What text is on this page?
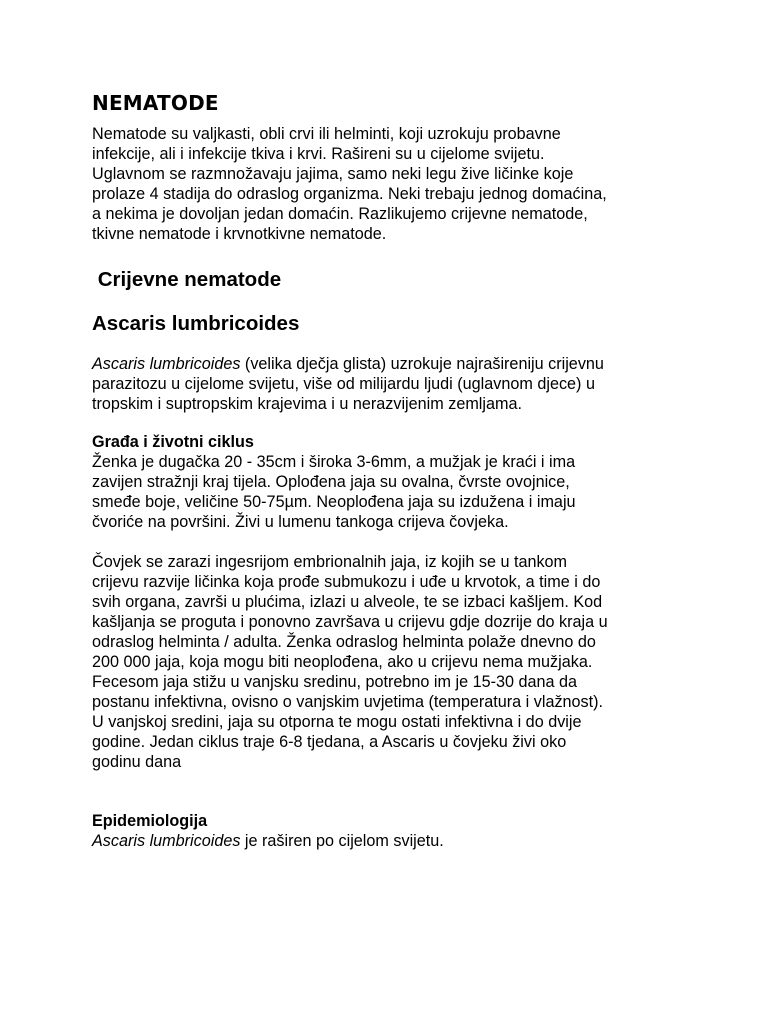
NEMATODE

Nematode su valjkasti, obli crvi ili helminti, koji uzrokuju probavne
infekcije, ali i infekcije tkiva i krvi. Rašireni su u cijelome svijetu.
Uglavnom se razmnožavaju jajima, samo neki legu žive ličinke koje
prolaze 4 stadija do odraslog organizma. Neki trebaju jednog domaćina,
a nekima je dovoljan jedan domaćin. Razlikujemo crijevne nematode,
tkivne nematode i krvnotkivne nematode.

Crijevne nematode
Ascaris lumbricoides

Ascaris lumbricoides (velika dječja glista) uzrokuje najrašireniju crijevnu
parazitozu u cijelome svijetu, više od milijardu ljudi (uglavnom djece) u
tropskim i suptropskim krajevima i u nerazvijenim zemljama.

Građa i životni ciklus

Ženka je dugačka 20 - 35cm i široka 3-6mm, a mužjak je kraći i ima
zavijen stražnji kraj tijela. Oplođena jaja su ovalna, čvrste ovojnice,
smeđe boje, veličine 50-75µm. Neoplođena jaja su izdužena i imaju
čvoriće na površini. Živi u lumenu tankoga crijeva čovjeka.

Čovjek se zarazi ingesrijom embrionalnih jaja, iz kojih se u tankom
crijevu razvije ličinka koja prođe submukozu i uđe u krvotok, a time i do
svih organa, završi u plućima, izlazi u alveole, te se izbaci kašljem. Kod
kašljanja se proguta i ponovno završava u crijevu gdje dozrije do kraja u
odraslog helminta / adulta. Ženka odraslog helminta polaže dnevno do
200 000 jaja, koja mogu biti neoplođena, ako u crijevu nema mužjaka.
Fecesom jaja stižu u vanjsku sredinu, potrebno im je 15-30 dana da
postanu infektivna, ovisno o vanjskim uvjetima (temperatura i vlažnost).
U vanjskoj sredini, jaja su otporna te mogu ostati infektivna i do dvije
godine. Jedan ciklus traje 6-8 tjedana, a Ascaris u čovjeku živi oko
godinu dana

Epidemiologija

Ascaris lumbricoides je raširen po cijelom svijetu.
